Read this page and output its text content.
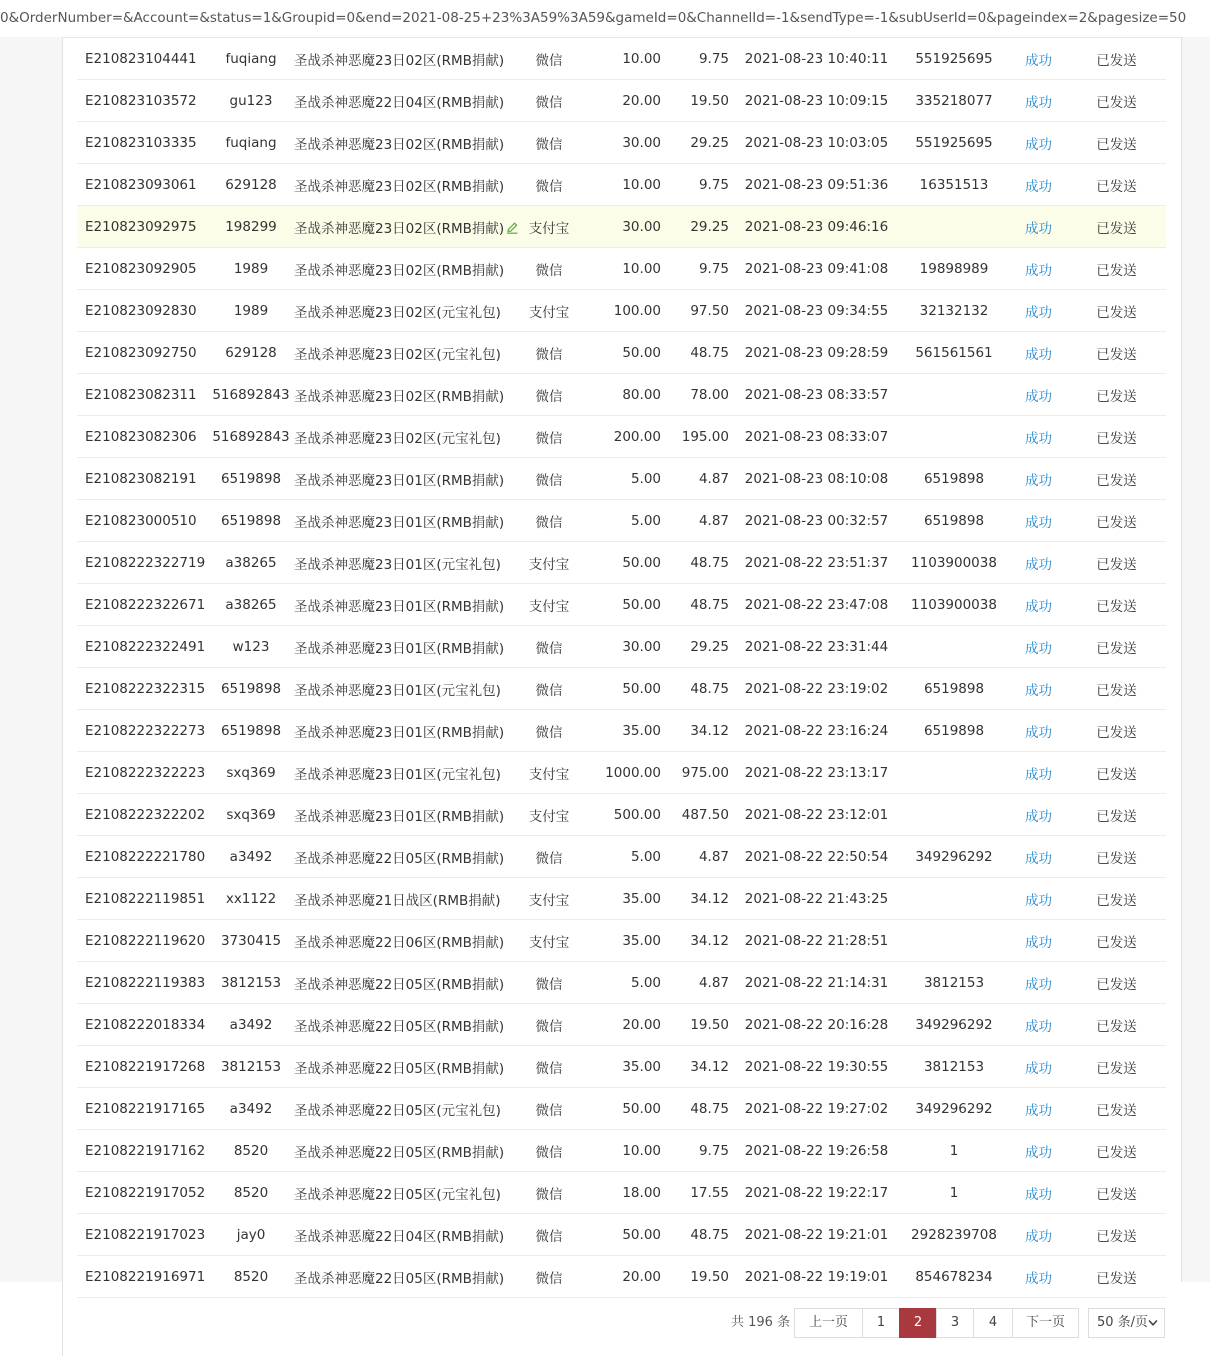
0&OrderNumber=&Account=&status=1&Groupid=0&end=2021-08-25+23%3A59%3A59&gameId=0&ChannelId=-1&sendType=-1&subUserId=0&pageindex=2&pagesize=50
E210823104441	fuqiang	圣战杀神恶魔23日02区(RMB捐献)	微信	10.00	9.75	2021-08-23 10:40:11	551925695	成功	已发送
E210823103572	gu123	圣战杀神恶魔22日04区(RMB捐献)	微信	20.00	19.50	2021-08-23 10:09:15	335218077	成功	已发送
E210823103335	fuqiang	圣战杀神恶魔23日02区(RMB捐献)	微信	30.00	29.25	2021-08-23 10:03:05	551925695	成功	已发送
E210823093061	629128	圣战杀神恶魔23日02区(RMB捐献)	微信	10.00	9.75	2021-08-23 09:51:36	16351513	成功	已发送
E210823092975	198299	圣战杀神恶魔23日02区(RMB捐献)	支付宝	30.00	29.25	2021-08-23 09:46:16		成功	已发送
E210823092905	1989	圣战杀神恶魔23日02区(RMB捐献)	微信	10.00	9.75	2021-08-23 09:41:08	19898989	成功	已发送
E210823092830	1989	圣战杀神恶魔23日02区(元宝礼包)	支付宝	100.00	97.50	2021-08-23 09:34:55	32132132	成功	已发送
E210823092750	629128	圣战杀神恶魔23日02区(元宝礼包)	微信	50.00	48.75	2021-08-23 09:28:59	561561561	成功	已发送
E210823082311	516892843	圣战杀神恶魔23日02区(RMB捐献)	微信	80.00	78.00	2021-08-23 08:33:57		成功	已发送
E210823082306	516892843	圣战杀神恶魔23日02区(元宝礼包)	微信	200.00	195.00	2021-08-23 08:33:07		成功	已发送
E210823082191	6519898	圣战杀神恶魔23日01区(RMB捐献)	微信	5.00	4.87	2021-08-23 08:10:08	6519898	成功	已发送
E210823000510	6519898	圣战杀神恶魔23日01区(RMB捐献)	微信	5.00	4.87	2021-08-23 00:32:57	6519898	成功	已发送
E2108222322719	a38265	圣战杀神恶魔23日01区(元宝礼包)	支付宝	50.00	48.75	2021-08-22 23:51:37	1103900038	成功	已发送
E2108222322671	a38265	圣战杀神恶魔23日01区(RMB捐献)	支付宝	50.00	48.75	2021-08-22 23:47:08	1103900038	成功	已发送
E2108222322491	w123	圣战杀神恶魔23日01区(RMB捐献)	微信	30.00	29.25	2021-08-22 23:31:44		成功	已发送
E2108222322315	6519898	圣战杀神恶魔23日01区(元宝礼包)	微信	50.00	48.75	2021-08-22 23:19:02	6519898	成功	已发送
E2108222322273	6519898	圣战杀神恶魔23日01区(RMB捐献)	微信	35.00	34.12	2021-08-22 23:16:24	6519898	成功	已发送
E2108222322223	sxq369	圣战杀神恶魔23日01区(元宝礼包)	支付宝	1000.00	975.00	2021-08-22 23:13:17		成功	已发送
E2108222322202	sxq369	圣战杀神恶魔23日01区(RMB捐献)	支付宝	500.00	487.50	2021-08-22 23:12:01		成功	已发送
E2108222221780	a3492	圣战杀神恶魔22日05区(RMB捐献)	微信	5.00	4.87	2021-08-22 22:50:54	349296292	成功	已发送
E2108222119851	xx1122	圣战杀神恶魔21日战区(RMB捐献)	支付宝	35.00	34.12	2021-08-22 21:43:25		成功	已发送
E2108222119620	3730415	圣战杀神恶魔22日06区(RMB捐献)	支付宝	35.00	34.12	2021-08-22 21:28:51		成功	已发送
E2108222119383	3812153	圣战杀神恶魔22日05区(RMB捐献)	微信	5.00	4.87	2021-08-22 21:14:31	3812153	成功	已发送
E2108222018334	a3492	圣战杀神恶魔22日05区(RMB捐献)	微信	20.00	19.50	2021-08-22 20:16:28	349296292	成功	已发送
E2108221917268	3812153	圣战杀神恶魔22日05区(RMB捐献)	微信	35.00	34.12	2021-08-22 19:30:55	3812153	成功	已发送
E2108221917165	a3492	圣战杀神恶魔22日05区(元宝礼包)	微信	50.00	48.75	2021-08-22 19:27:02	349296292	成功	已发送
E2108221917162	8520	圣战杀神恶魔22日05区(RMB捐献)	微信	10.00	9.75	2021-08-22 19:26:58	1	成功	已发送
E2108221917052	8520	圣战杀神恶魔22日05区(元宝礼包)	微信	18.00	17.55	2021-08-22 19:22:17	1	成功	已发送
E2108221917023	jay0	圣战杀神恶魔22日04区(RMB捐献)	微信	50.00	48.75	2021-08-22 19:21:01	2928239708	成功	已发送
E2108221916971	8520	圣战杀神恶魔22日05区(RMB捐献)	微信	20.00	19.50	2021-08-22 19:19:01	854678234	成功	已发送
共 196 条	上一页	1	2	3	4	下一页	50 条/页
